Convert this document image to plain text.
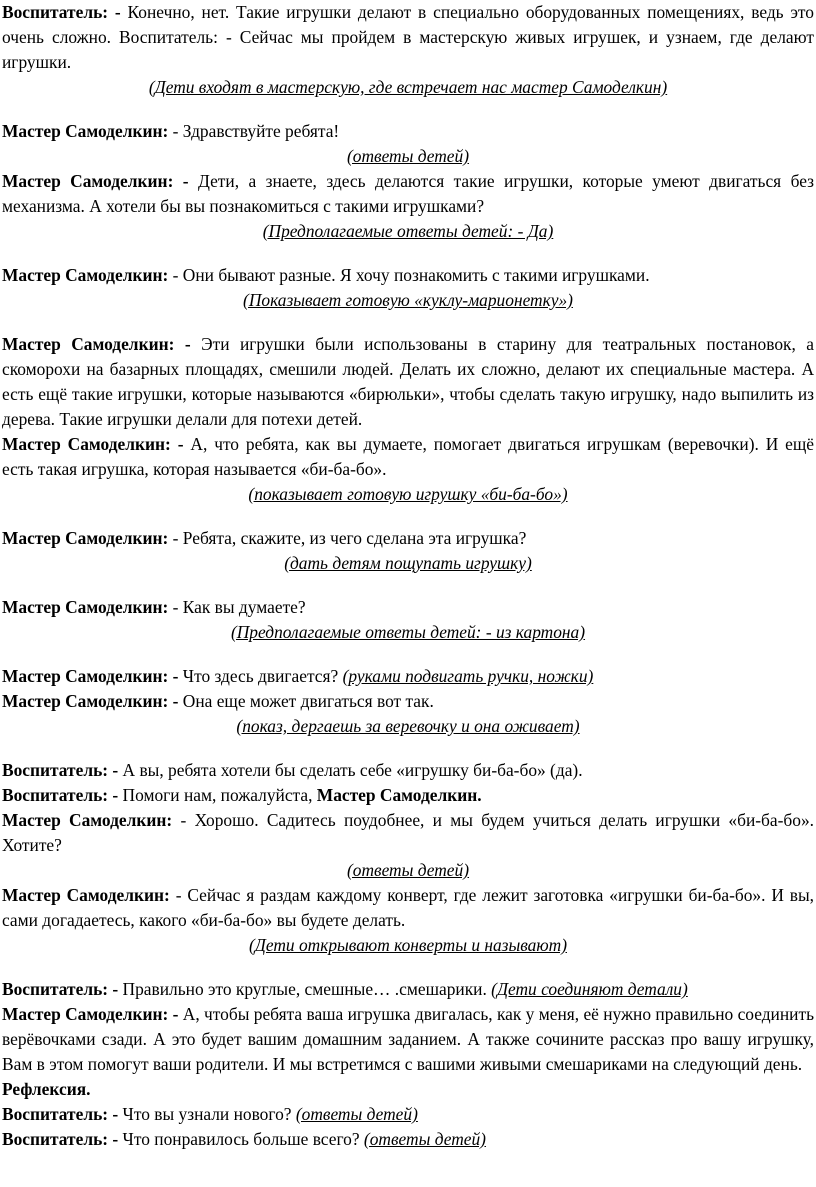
Воспитатель: - Конечно, нет. Такие игрушки делают в специально оборудованных помещениях, ведь это очень сложно. Воспитатель: - Сейчас мы пройдем в мастерскую живых игрушек, и узнаем, где делают игрушки.

(Дети входят в мастерскую, где встречает нас мастер Самоделкин)

Мастер Самоделкин: - Здравствуйте ребята!

(ответы детей)

Мастер Самоделкин: - Дети, а знаете, здесь делаются такие игрушки, которые умеют двигаться без механизма. А хотели бы вы познакомиться с такими игрушками?

(Предполагаемые ответы детей: - Да)

Мастер Самоделкин: - Они бывают разные. Я хочу познакомить с такими игрушками.

(Показывает готовую «куклу-марионетку»)

Мастер Самоделкин: - Эти игрушки были использованы в старину для театральных постановок, а скоморохи на базарных площадях, смешили людей. Делать их сложно, делают их специальные мастера. А есть ещё такие игрушки, которые называются «бирюльки», чтобы сделать такую игрушку, надо выпилить из дерева. Такие игрушки делали для потехи детей.

Мастер Самоделкин: - А, что ребята, как вы думаете, помогает двигаться игрушкам (веревочки). И ещё есть такая игрушка, которая называется «би-ба-бо».

(показывает готовую игрушку «би-ба-бо»)

Мастер Самоделкин: - Ребята, скажите, из чего сделана эта игрушка?

(дать детям пощупать игрушку)

Мастер Самоделкин: - Как вы думаете?

(Предполагаемые ответы детей: - из картона)

Мастер Самоделкин: - Что здесь двигается? (руками подвигать ручки, ножки)

Мастер Самоделкин: - Она еще может двигаться вот так.

(показ, дергаешь за веревочку и она оживает)

Воспитатель: - А вы, ребята хотели бы сделать себе «игрушку би-ба-бо» (да).

Воспитатель: - Помоги нам, пожалуйста, Мастер Самоделкин.

Мастер Самоделкин: - Хорошо. Садитесь поудобнее, и мы будем учиться делать игрушки «би-ба-бо». Хотите?

(ответы детей)

Мастер Самоделкин: - Сейчас я раздам каждому конверт, где лежит заготовка «игрушки би-ба-бо». И вы, сами догадаетесь, какого «би-ба-бо» вы будете делать.

(Дети открывают конверты и называют)

Воспитатель: - Правильно это круглые, смешные… .смешарики. (Дети соединяют детали)

Мастер Самоделкин: - А, чтобы ребята ваша игрушка двигалась, как у меня, её нужно правильно соединить верёвочками сзади. А это будет вашим домашним заданием. А также сочините рассказ про вашу игрушку, Вам в этом помогут ваши родители. И мы встретимся с вашими живыми смешариками на следующий день.

Рефлексия.

Воспитатель: - Что вы узнали нового? (ответы детей)

Воспитатель: - Что понравилось больше всего? (ответы детей)
